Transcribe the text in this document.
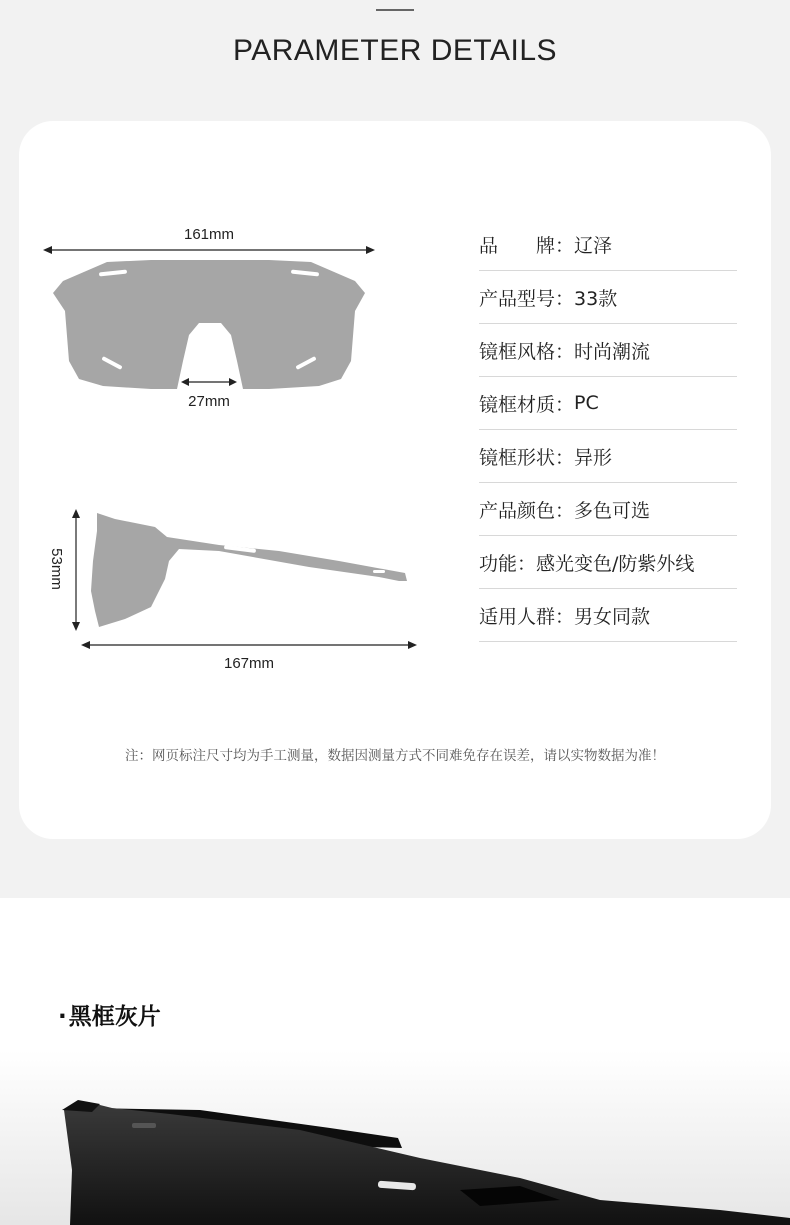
PARAMETER DETAILS
161mm
27mm
53mm
167mm
品　　牌： 辽泽
产品型号： 33款
镜框风格： 时尚潮流
镜框材质： PC
镜框形状： 异形
产品颜色： 多色可选
功能： 感光变色/防紫外线
适用人群： 男女同款
注：网页标注尺寸均为手工测量，数据因测量方式不同难免存在误差，请以实物数据为准！
·黑框灰片
